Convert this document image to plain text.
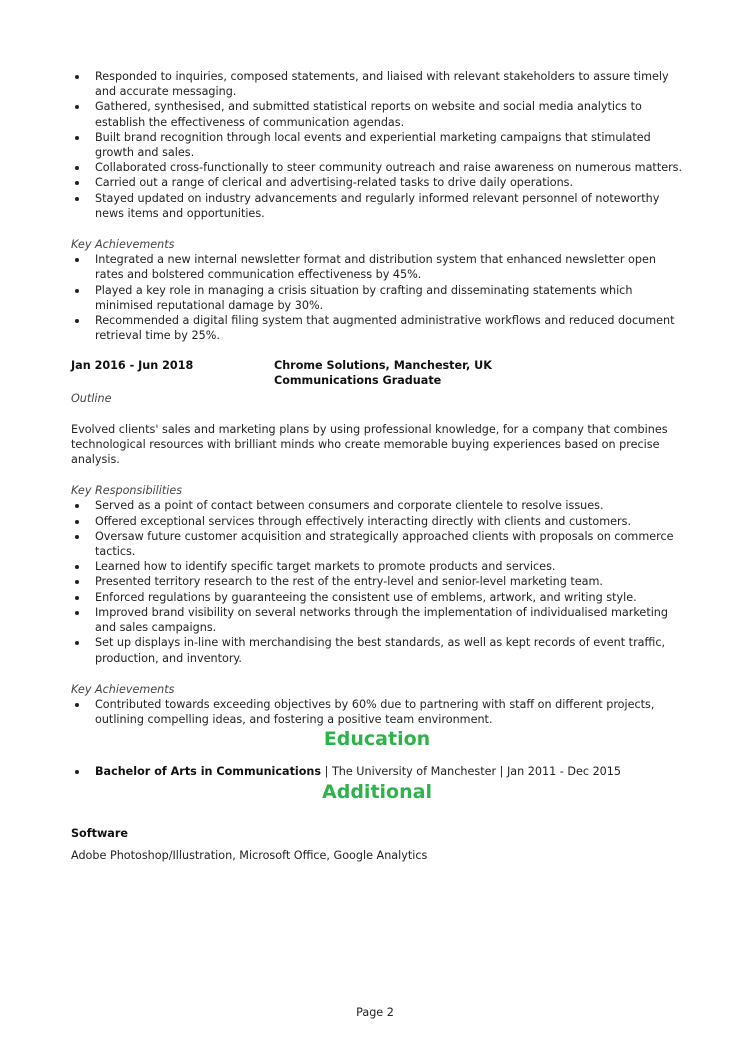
Responded to inquiries, composed statements, and liaised with relevant stakeholders to assure timely and accurate messaging.
Gathered, synthesised, and submitted statistical reports on website and social media analytics to establish the effectiveness of communication agendas.
Built brand recognition through local events and experiential marketing campaigns that stimulated growth and sales.
Collaborated cross-functionally to steer community outreach and raise awareness on numerous matters.
Carried out a range of clerical and advertising-related tasks to drive daily operations.
Stayed updated on industry advancements and regularly informed relevant personnel of noteworthy news items and opportunities.
Key Achievements
Integrated a new internal newsletter format and distribution system that enhanced newsletter open rates and bolstered communication effectiveness by 45%.
Played a key role in managing a crisis situation by crafting and disseminating statements which minimised reputational damage by 30%.
Recommended a digital filing system that augmented administrative workflows and reduced document retrieval time by 25%.
Jan 2016 - Jun 2018	Chrome Solutions, Manchester, UK
Communications Graduate
Outline
Evolved clients' sales and marketing plans by using professional knowledge, for a company that combines technological resources with brilliant minds who create memorable buying experiences based on precise analysis.
Key Responsibilities
Served as a point of contact between consumers and corporate clientele to resolve issues.
Offered exceptional services through effectively interacting directly with clients and customers.
Oversaw future customer acquisition and strategically approached clients with proposals on commerce tactics.
Learned how to identify specific target markets to promote products and services.
Presented territory research to the rest of the entry-level and senior-level marketing team.
Enforced regulations by guaranteeing the consistent use of emblems, artwork, and writing style.
Improved brand visibility on several networks through the implementation of individualised marketing and sales campaigns.
Set up displays in-line with merchandising the best standards, as well as kept records of event traffic, production, and inventory.
Key Achievements
Contributed towards exceeding objectives by 60% due to partnering with staff on different projects, outlining compelling ideas, and fostering a positive team environment.
Education
Bachelor of Arts in Communications | The University of Manchester | Jan 2011 - Dec 2015
Additional
Software
Adobe Photoshop/Illustration, Microsoft Office, Google Analytics
Page 2
